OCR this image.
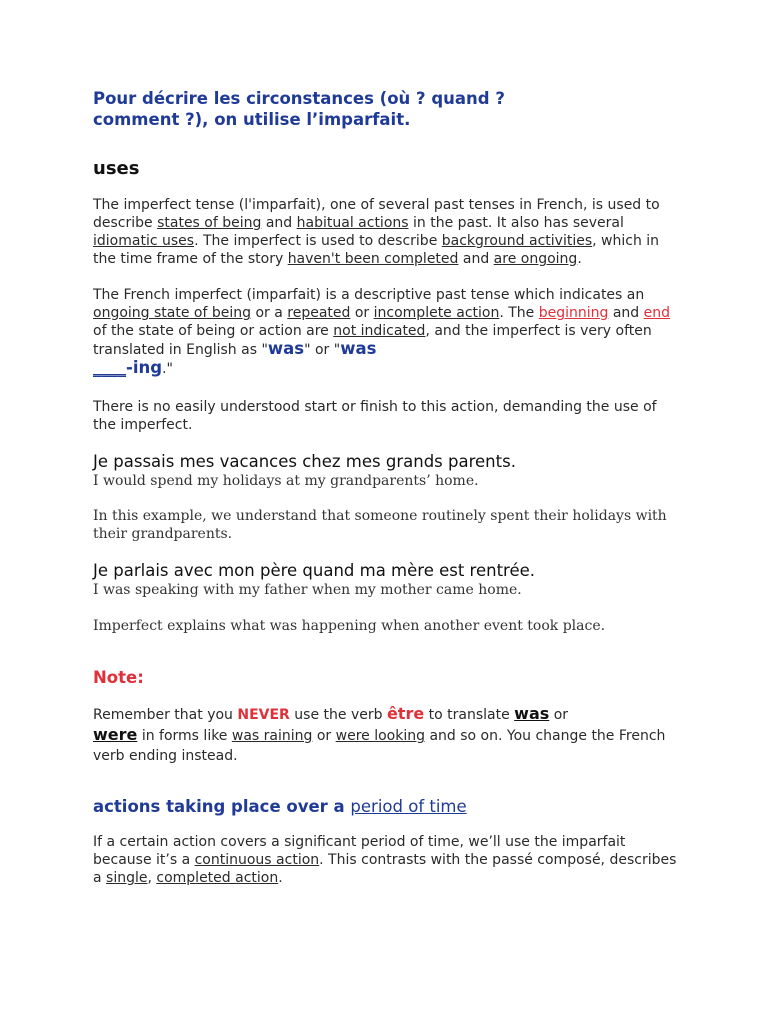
Pour décrire les circonstances (où ? quand ?
comment ?), on utilise l’imparfait.

uses

The imperfect tense (l'imparfait), one of several past tenses in French, is used to describe states of being and habitual actions in the past. It also has several idiomatic uses. The imperfect is used to describe background activities, which in the time frame of the story haven't been completed and are ongoing.

The French imperfect (imparfait) is a descriptive past tense which indicates an ongoing state of being or a repeated or incomplete action. The beginning and end of the state of being or action are not indicated, and the imperfect is very often translated in English as "was" or "was
____-ing."

There is no easily understood start or finish to this action, demanding the use of the imperfect.

Je passais mes vacances chez mes grands parents.

I would spend my holidays at my grandparents’ home.

In this example, we understand that someone routinely spent their holidays with their grandparents.

Je parlais avec mon père quand ma mère est rentrée.

I was speaking with my father when my mother came home.

Imperfect explains what was happening when another event took place.

Note:

Remember that you NEVER use the verb être to translate was or
were in forms like was raining or were looking and so on. You change the French verb ending instead.

actions taking place over a period of time

If a certain action covers a significant period of time, we’ll use the imparfait because it’s a continuous action. This contrasts with the passé composé, describes a single, completed action.
